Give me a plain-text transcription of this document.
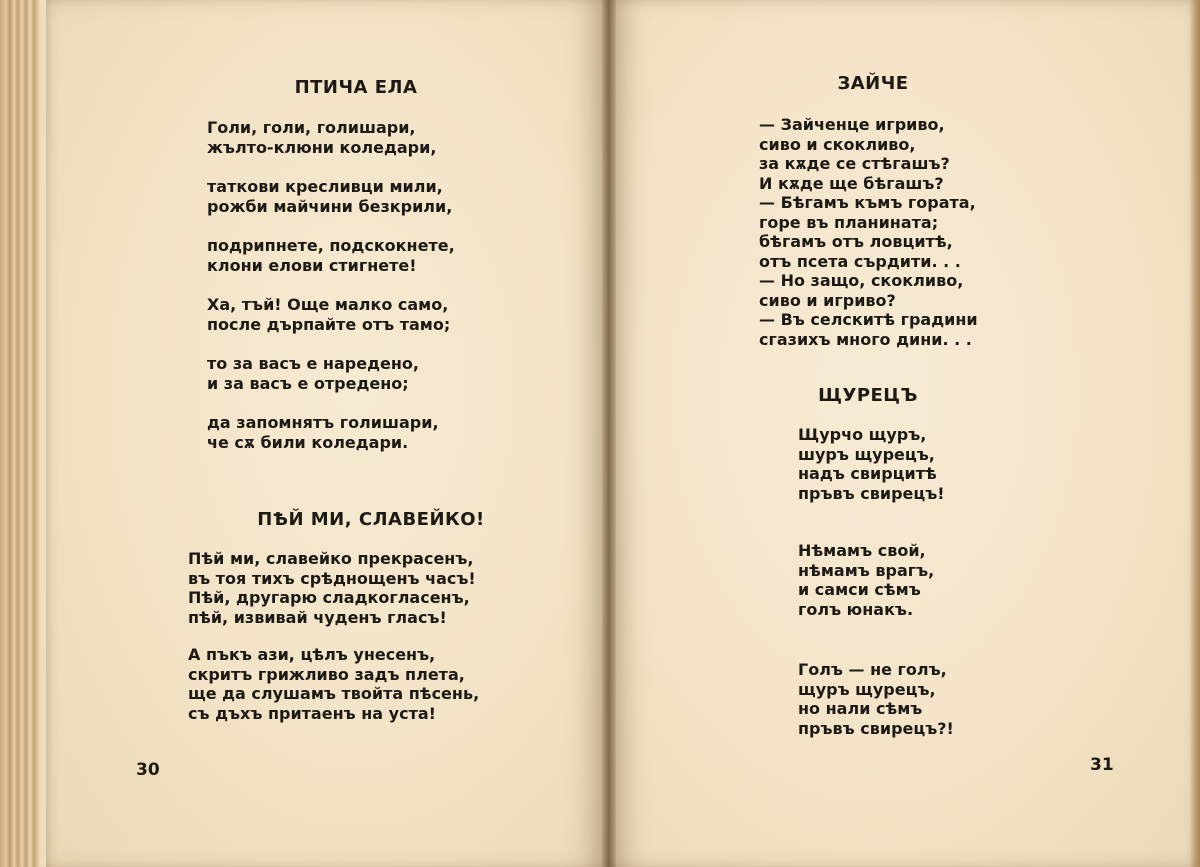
ПТИЧА ЕЛА
Голи, голи, голишари,
жълто-клюни коледари,
таткови кресливци мили,
рожби майчини безкрили,
подрипнете, подскокнете,
клони елови стигнете!
Ха, тъй! Още малко само,
после дърпайте отъ тамо;
то за васъ е наредено,
и за васъ е отредено;
да запомнятъ голишари,
че сѫ били коледари.
ПѢЙ МИ, СЛАВЕЙКО!
Пѣй ми, славейко прекрасенъ,
въ тоя тихъ срѣднощенъ часъ!
Пѣй, другарю сладкогласенъ,
пѣй, извивай чуденъ гласъ!
А пъкъ ази, цѣлъ унесенъ,
скритъ грижливо задъ плета,
ще да слушамъ твойта пѣсень,
съ дъхъ притаенъ на уста!
30
ЗАЙЧЕ
— Зайченце игриво,
сиво и скокливо,
за кѫде се стѣгашъ?
И кѫде ще бѣгашъ?
— Бѣгамъ къмъ гората,
горе въ планината;
бѣгамъ отъ ловцитѣ,
отъ псета сърдити. . .
— Но защо, скокливо,
сиво и игриво?
— Въ селскитѣ градини
сгазихъ много дини. . .
ЩУРЕЦЪ
Щурчо щуръ,
шуръ щурецъ,
надъ свирцитѣ
пръвъ свирецъ!
Нѣмамъ свой,
нѣмамъ врагъ,
и самси сѣмъ
голъ юнакъ.
Голъ — не голъ,
щуръ щурецъ,
но нали сѣмъ
пръвъ свирецъ?!
31
